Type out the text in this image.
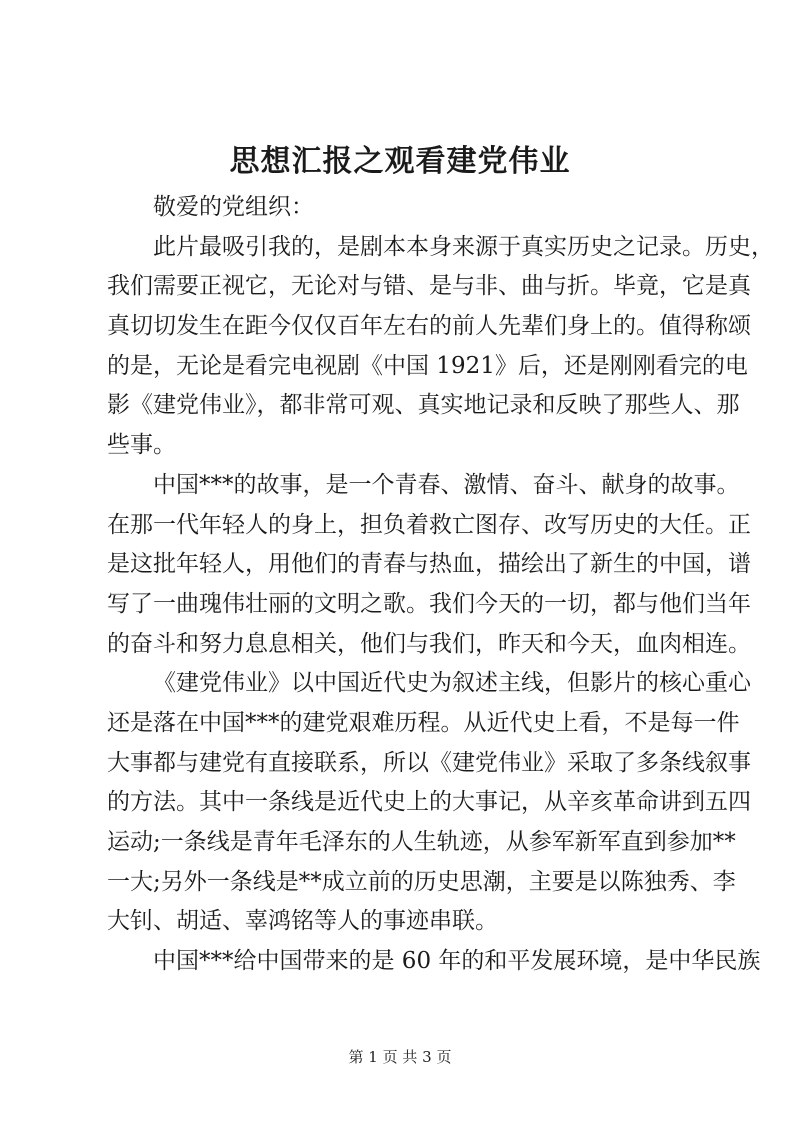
思想汇报之观看建党伟业
敬爱的党组织：
此片最吸引我的，是剧本本身来源于真实历史之记录。历史，
我们需要正视它，无论对与错、是与非、曲与折。毕竟，它是真
真切切发生在距今仅仅百年左右的前人先辈们身上的。值得称颂
的是，无论是看完电视剧《中国 1921》后，还是刚刚看完的电
影《建党伟业》，都非常可观、真实地记录和反映了那些人、那
些事。
中国***的故事，是一个青春、激情、奋斗、献身的故事。
在那一代年轻人的身上，担负着救亡图存、改写历史的大任。正
是这批年轻人，用他们的青春与热血，描绘出了新生的中国，谱
写了一曲瑰伟壮丽的文明之歌。我们今天的一切，都与他们当年
的奋斗和努力息息相关，他们与我们，昨天和今天，血肉相连。
《建党伟业》以中国近代史为叙述主线，但影片的核心重心
还是落在中国***的建党艰难历程。从近代史上看，不是每一件
大事都与建党有直接联系，所以《建党伟业》采取了多条线叙事
的方法。其中一条线是近代史上的大事记，从辛亥革命讲到五四
运动;一条线是青年毛泽东的人生轨迹，从参军新军直到参加**
一大;另外一条线是**成立前的历史思潮，主要是以陈独秀、李
大钊、胡适、辜鸿铭等人的事迹串联。
中国***给中国带来的是 60 年的和平发展环境，是中华民族
第 1 页 共 3 页
